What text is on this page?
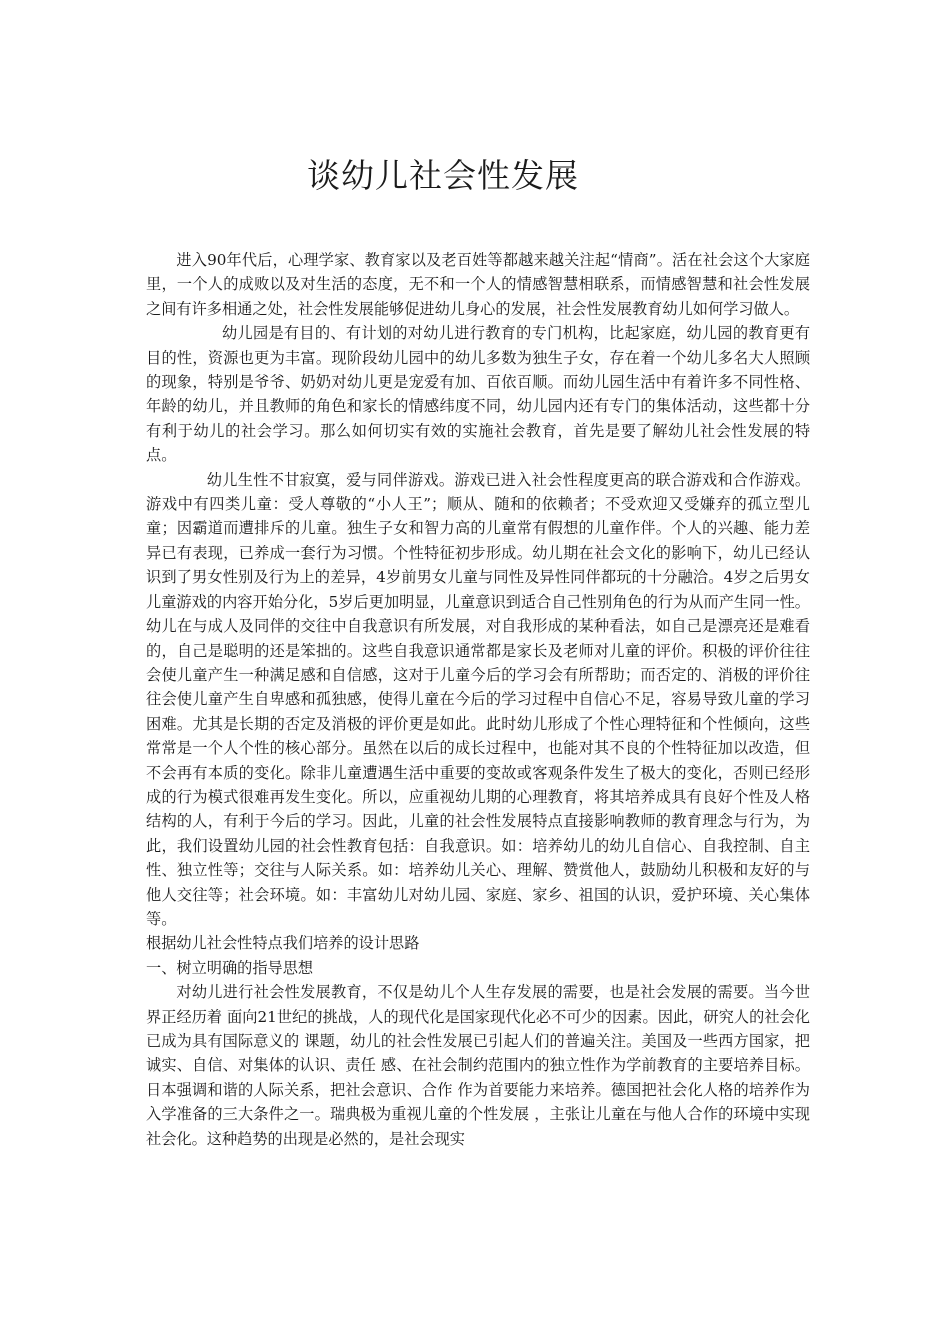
谈幼儿社会性发展

进入90年代后，心理学家、教育家以及老百姓等都越来越关注起“情商”。活在社会这个大家庭里，一个人的成败以及对生活的态度，无不和一个人的情感智慧相联系，而情感智慧和社会性发展之间有许多相通之处，社会性发展能够促进幼儿身心的发展，社会性发展教育幼儿如何学习做人。

幼儿园是有目的、有计划的对幼儿进行教育的专门机构，比起家庭，幼儿园的教育更有目的性，资源也更为丰富。现阶段幼儿园中的幼儿多数为独生子女，存在着一个幼儿多名大人照顾的现象，特别是爷爷、奶奶对幼儿更是宠爱有加、百依百顺。而幼儿园生活中有着许多不同性格、年龄的幼儿，并且教师的角色和家长的情感纬度不同，幼儿园内还有专门的集体活动，这些都十分有利于幼儿的社会学习。那么如何切实有效的实施社会教育，首先是要了解幼儿社会性发展的特点。

幼儿生性不甘寂寞，爱与同伴游戏。游戏已进入社会性程度更高的联合游戏和合作游戏。游戏中有四类儿童：受人尊敬的“小人王”；顺从、随和的依赖者；不受欢迎又受嫌弃的孤立型儿童；因霸道而遭排斥的儿童。独生子女和智力高的儿童常有假想的儿童作伴。个人的兴趣、能力差异已有表现，已养成一套行为习惯。个性特征初步形成。幼儿期在社会文化的影响下，幼儿已经认识到了男女性别及行为上的差异，4岁前男女儿童与同性及异性同伴都玩的十分融洽。4岁之后男女儿童游戏的内容开始分化，5岁后更加明显，儿童意识到适合自己性别角色的行为从而产生同一性。幼儿在与成人及同伴的交往中自我意识有所发展，对自我形成的某种看法，如自己是漂亮还是难看的，自己是聪明的还是笨拙的。这些自我意识通常都是家长及老师对儿童的评价。积极的评价往往会使儿童产生一种满足感和自信感，这对于儿童今后的学习会有所帮助；而否定的、消极的评价往往会使儿童产生自卑感和孤独感，使得儿童在今后的学习过程中自信心不足，容易导致儿童的学习困难。尤其是长期的否定及消极的评价更是如此。此时幼儿形成了个性心理特征和个性倾向，这些常常是一个人个性的核心部分。虽然在以后的成长过程中，也能对其不良的个性特征加以改造，但不会再有本质的变化。除非儿童遭遇生活中重要的变故或客观条件发生了极大的变化，否则已经形成的行为模式很难再发生变化。所以，应重视幼儿期的心理教育，将其培养成具有良好个性及人格结构的人，有利于今后的学习。因此，儿童的社会性发展特点直接影响教师的教育理念与行为，为此，我们设置幼儿园的社会性教育包括：自我意识。如：培养幼儿的幼儿自信心、自我控制、自主性、独立性等；交往与人际关系。如：培养幼儿关心、理解、赞赏他人，鼓励幼儿积极和友好的与他人交往等；社会环境。如：丰富幼儿对幼儿园、家庭、家乡、祖国的认识，爱护环境、关心集体等。

根据幼儿社会性特点我们培养的设计思路

一、树立明确的指导思想

对幼儿进行社会性发展教育，不仅是幼儿个人生存发展的需要，也是社会发展的需要。当今世界正经历着 面向21世纪的挑战，人的现代化是国家现代化必不可少的因素。因此，研究人的社会化已成为具有国际意义的 课题，幼儿的社会性发展已引起人们的普遍关注。美国及一些西方国家，把诚实、自信、对集体的认识、责任 感、在社会制约范围内的独立性作为学前教育的主要培养目标。日本强调和谐的人际关系，把社会意识、合作 作为首要能力来培养。德国把社会化人格的培养作为入学准备的三大条件之一。瑞典极为重视儿童的个性发展 ，主张让儿童在与他人合作的环境中实现社会化。这种趋势的出现是必然的，是社会现实
